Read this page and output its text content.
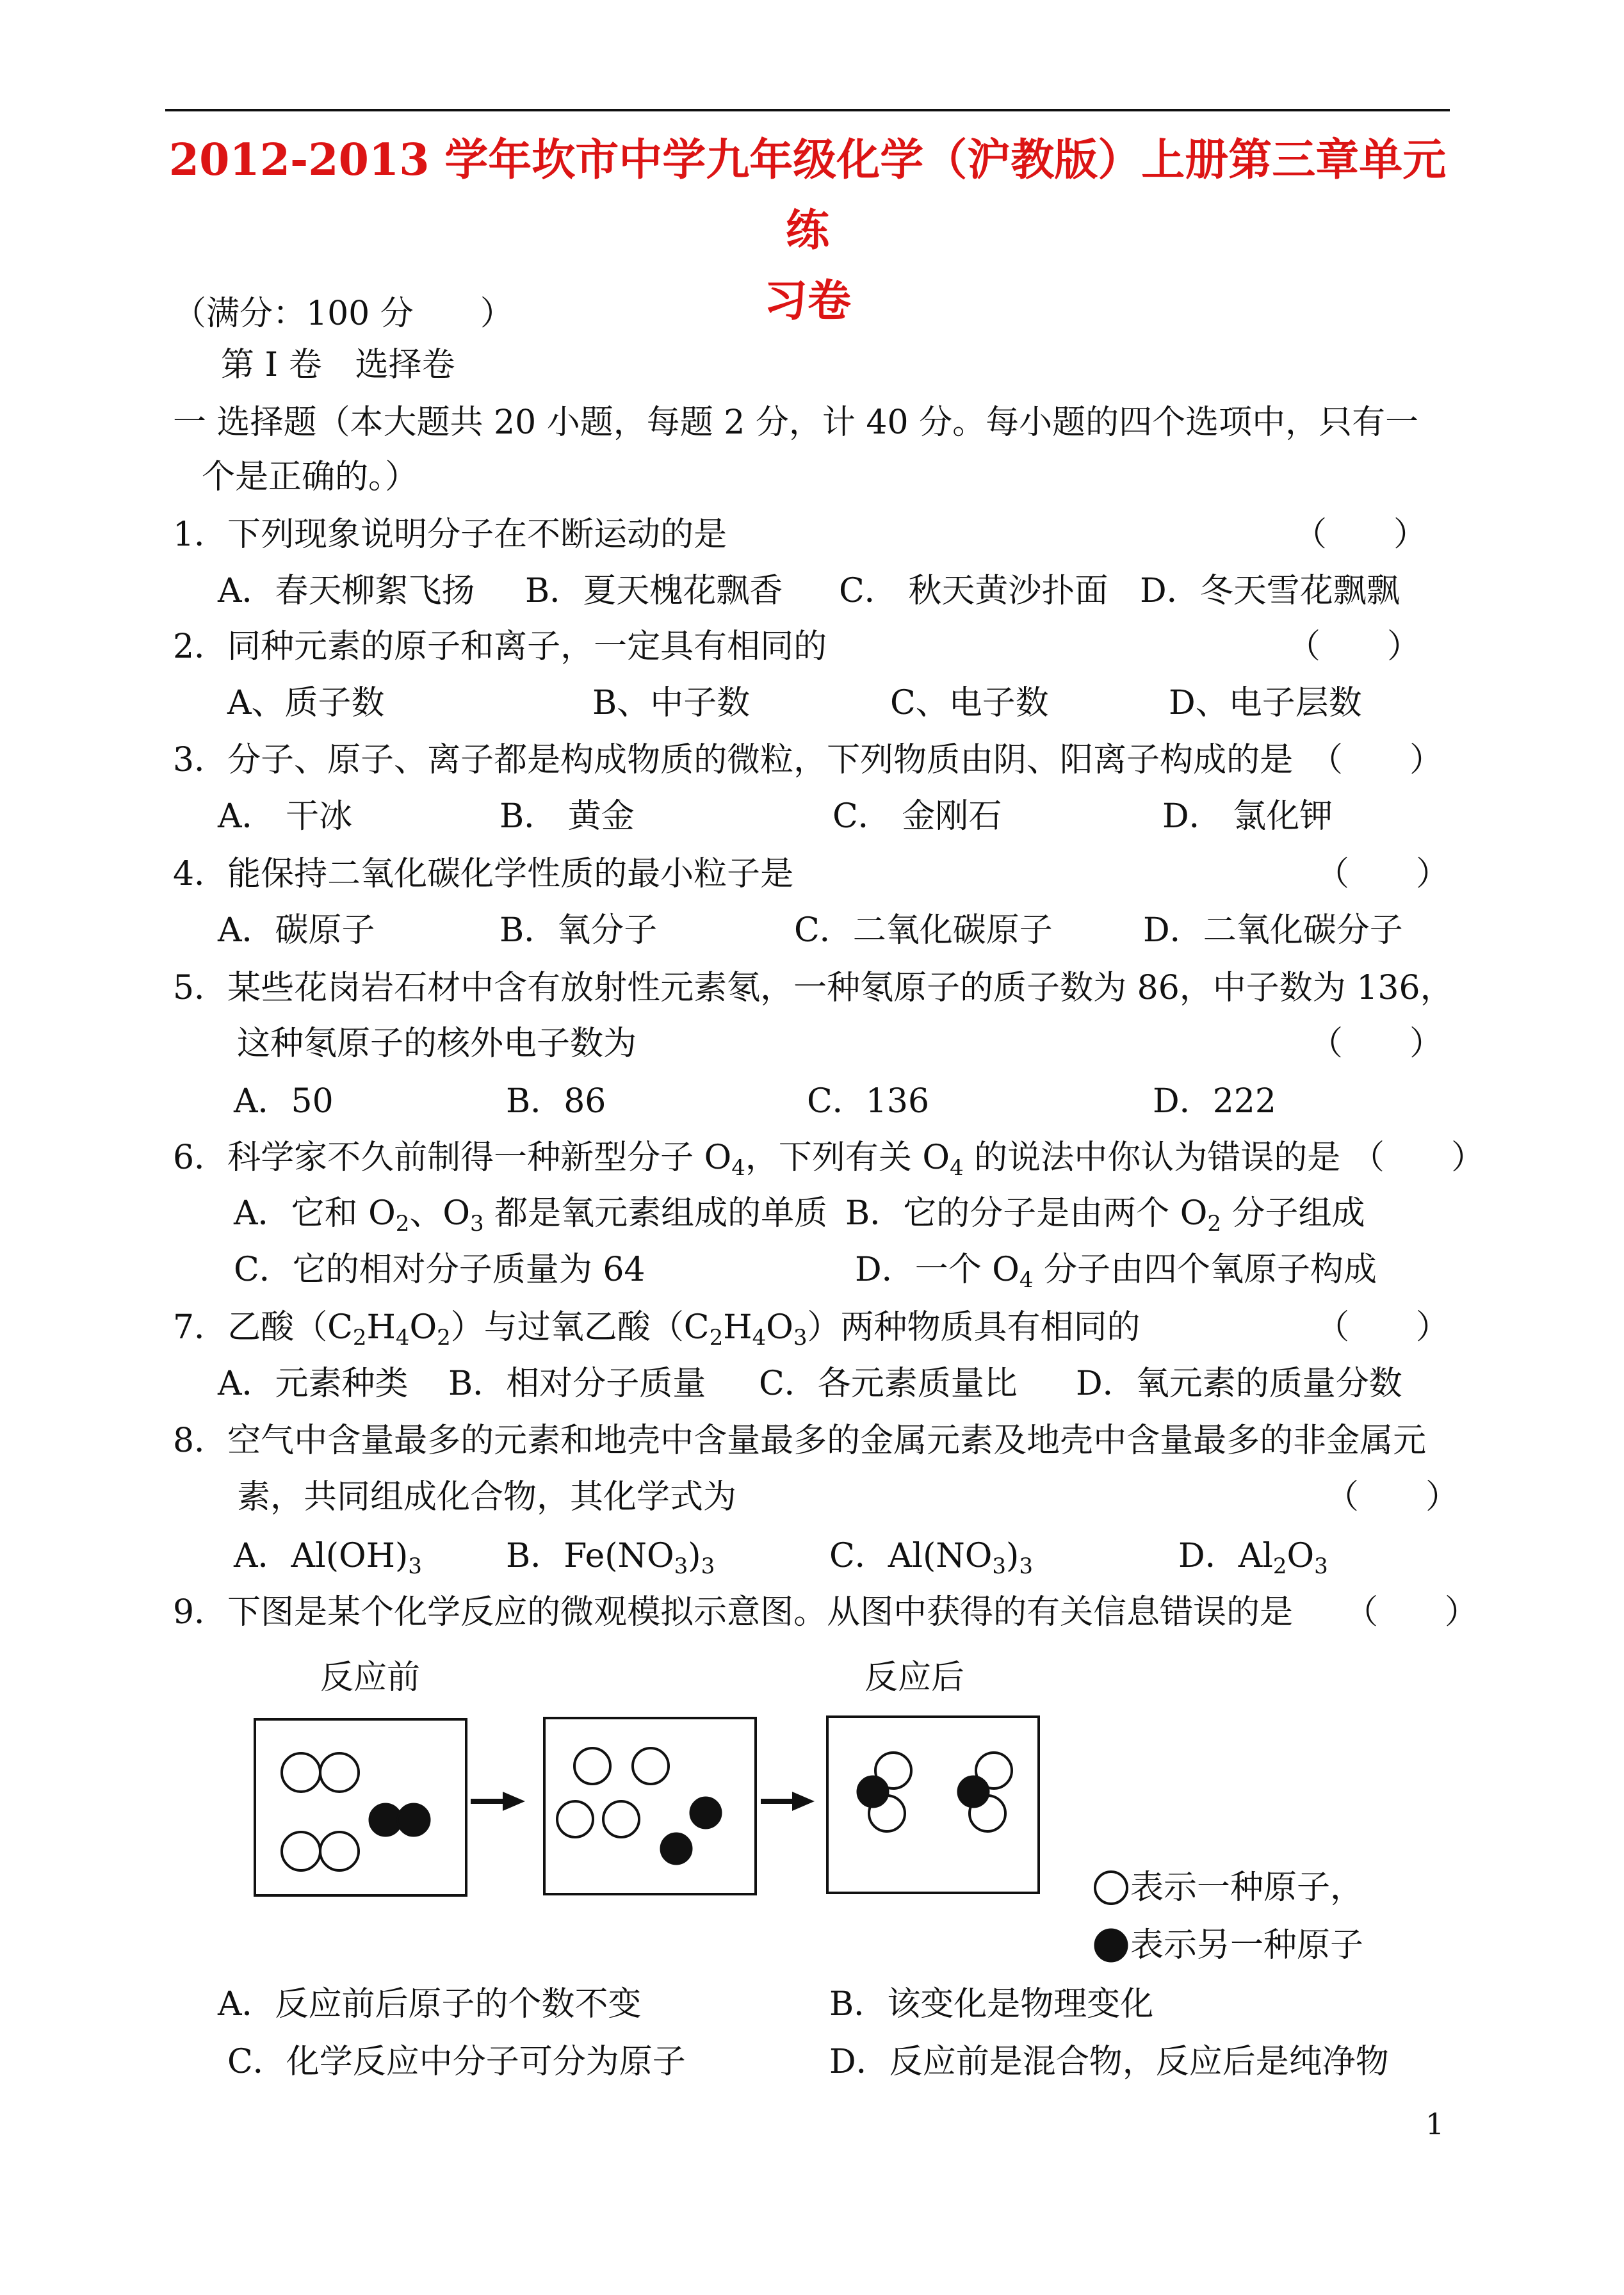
2012-2013 学年坎市中学九年级化学（沪教版）上册第三章单元练
习卷
（满分：100 分　　）
第 I 卷　选择卷
一 选择题（本大题共 20 小题，每题 2 分，计 40 分。每小题的四个选项中，只有一
个是正确的。）
1．下列现象说明分子在不断运动的是	（　　）
A．春天柳絮飞扬 B．夏天槐花飘香 C． 秋天黄沙扑面 D．冬天雪花飘飘
2．同种元素的原子和离子，一定具有相同的	（　　）
A、质子数	B、中子数	C、电子数	D、电子层数
3．分子、原子、离子都是构成物质的微粒，下列物质由阴、阳离子构成的是 （　　）
A． 干冰	B． 黄金	C． 金刚石	D． 氯化钾
4．能保持二氧化碳化学性质的最小粒子是	（　　）
A．碳原子	B．氧分子	C．二氧化碳原子	D．二氧化碳分子
5．某些花岗岩石材中含有放射性元素氡，一种氡原子的质子数为 86，中子数为 136，
这种氡原子的核外电子数为	（　　）
A．50	B．86	C．136	D．222
6．科学家不久前制得一种新型分子 $O_4$，下列有关 $O_4$ 的说法中你认为错误的是 （　　）
A．它和 $O_2$、$O_3$ 都是氧元素组成的单质 B．它的分子是由两个 $O_2$ 分子组成
C．它的相对分子质量为 64	D．一个 $O_4$ 分子由四个氧原子构成
7．乙酸$(C_2H_4O_2)$与过氧乙酸$(C_2H_4O_3)$两种物质具有相同的	（　　）
A．元素种类 B．相对分子质量 C．各元素质量比 D．氧元素的质量分数
8．空气中含量最多的元素和地壳中含量最多的金属元素及地壳中含量最多的非金属元
素，共同组成化合物，其化学式为	（　　）
A．$Al(OH)_3$	B．$Fe(NO_3)_3$	C．$Al(NO_3)_3$	D．$Al_2O_3$
9．下图是某个化学反应的微观模拟示意图。从图中获得的有关信息错误的是 （　　）
反应前	反应后
表示一种原子，
表示另一种原子
A．反应前后原子的个数不变	B．该变化是物理变化
C．化学反应中分子可分为原子	D．反应前是混合物，反应后是纯净物
1
